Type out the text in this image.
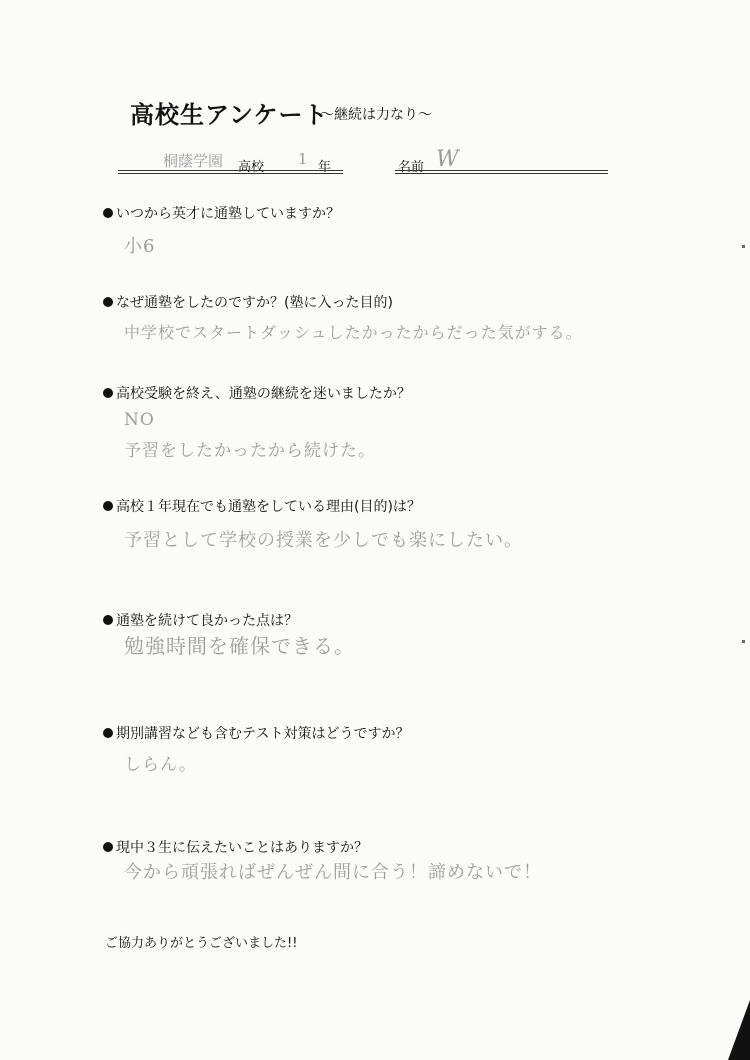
高校生アンケート
～継続は力なり～
桐蔭学園 高校 1 年	名前 W
いつから英才に通塾していますか？
小6
なぜ通塾をしたのですか？(塾に入った目的)
中学校でスタートダッシュしたかったからだった気がする。
高校受験を終え、通塾の継続を迷いましたか？
NO
予習をしたかったから続けた。
高校１年現在でも通塾をしている理由(目的)は？
予習として学校の授業を少しでも楽にしたい。
通塾を続けて良かった点は？
勉強時間を確保できる。
期別講習なども含むテスト対策はどうですか？
しらん。
現中３生に伝えたいことはありますか？
今から頑張ればぜんぜん間に合う！諦めないで！
ご協力ありがとうございました!!
